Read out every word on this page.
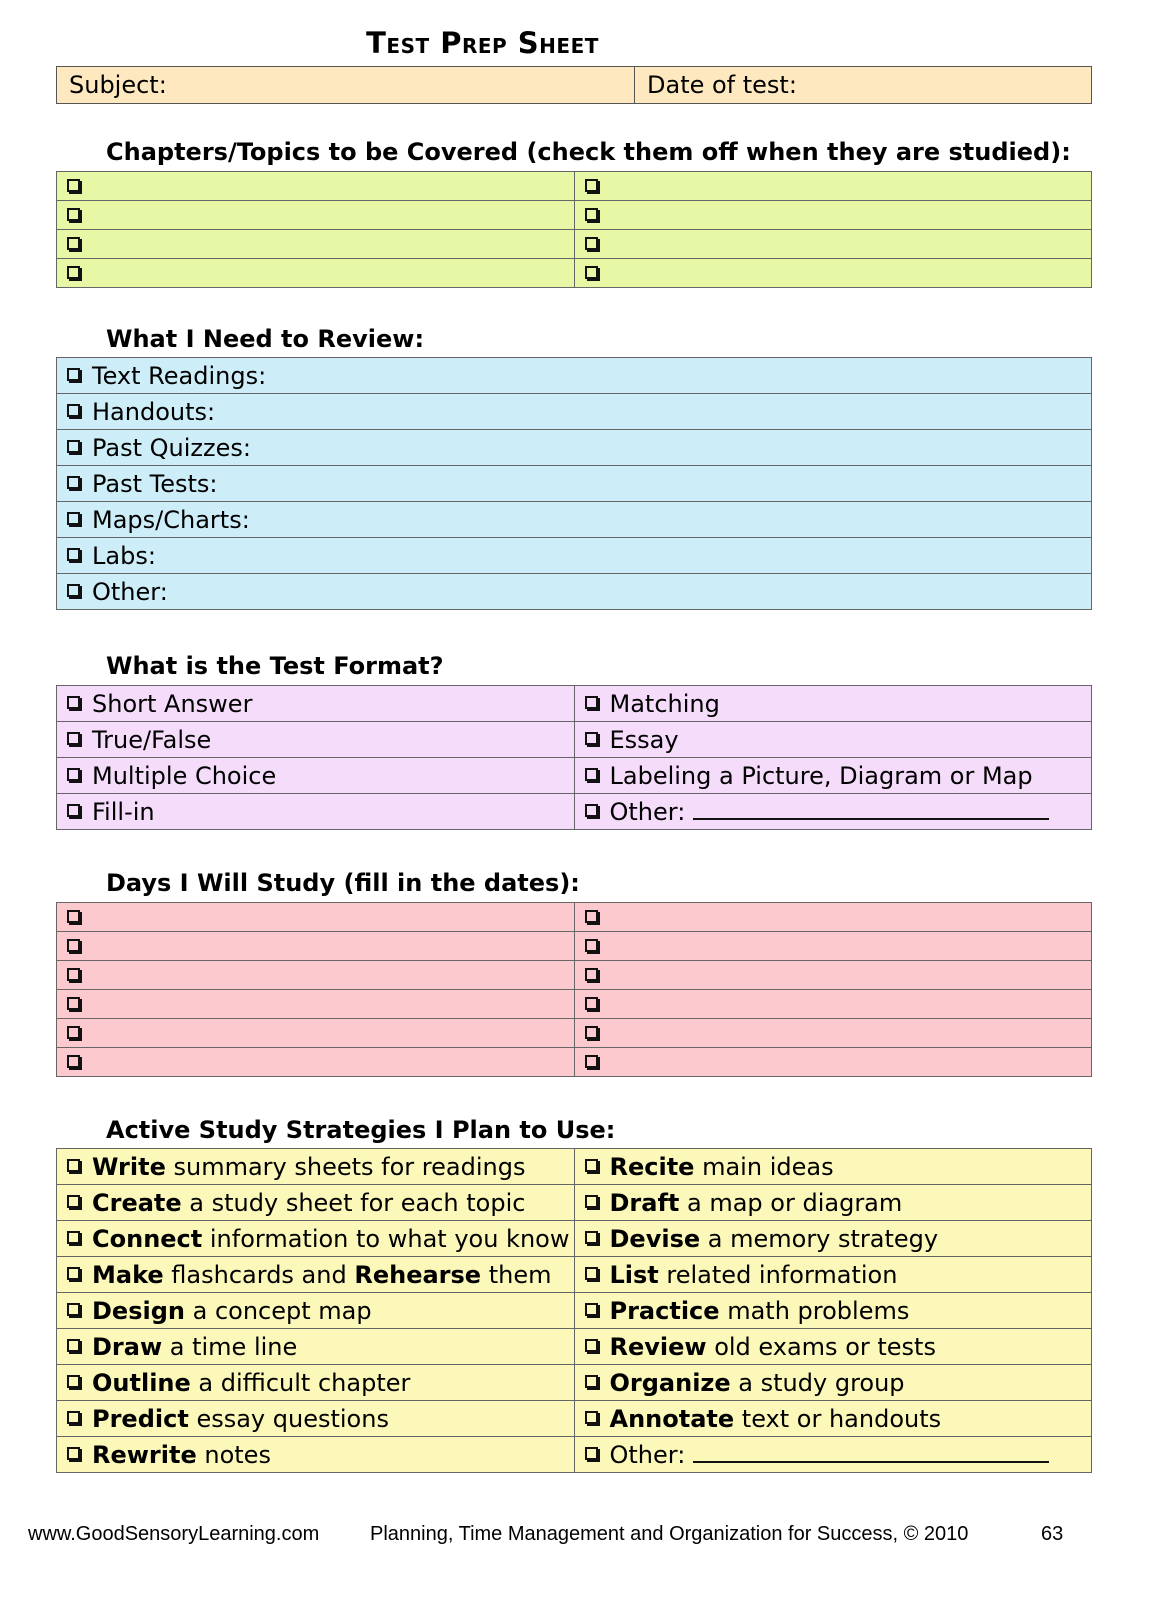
Test Prep Sheet
Subject:	Date of test:
Chapters/Topics to be Covered (check them off when they are studied):

What I Need to Review:
Text Readings:
Handouts:
Past Quizzes:
Past Tests:
Maps/Charts:
Labs:
Other:
What is the Test Format?
Short Answer	Matching
True/False	Essay
Multiple Choice	Labeling a Picture, Diagram or Map
Fill-in	Other:
Days I Will Study (fill in the dates):

Active Study Strategies I Plan to Use:
Write summary sheets for readings	Recite main ideas
Create a study sheet for each topic	Draft a map or diagram
Connect information to what you know	Devise a memory strategy
Make flashcards and Rehearse them	List related information
Design a concept map	Practice math problems
Draw a time line	Review old exams or tests
Outline a difficult chapter	Organize a study group
Predict essay questions	Annotate text or handouts
Rewrite notes	Other:
www.GoodSensoryLearning.com	Planning, Time Management and Organization for Success, © 2010	63
